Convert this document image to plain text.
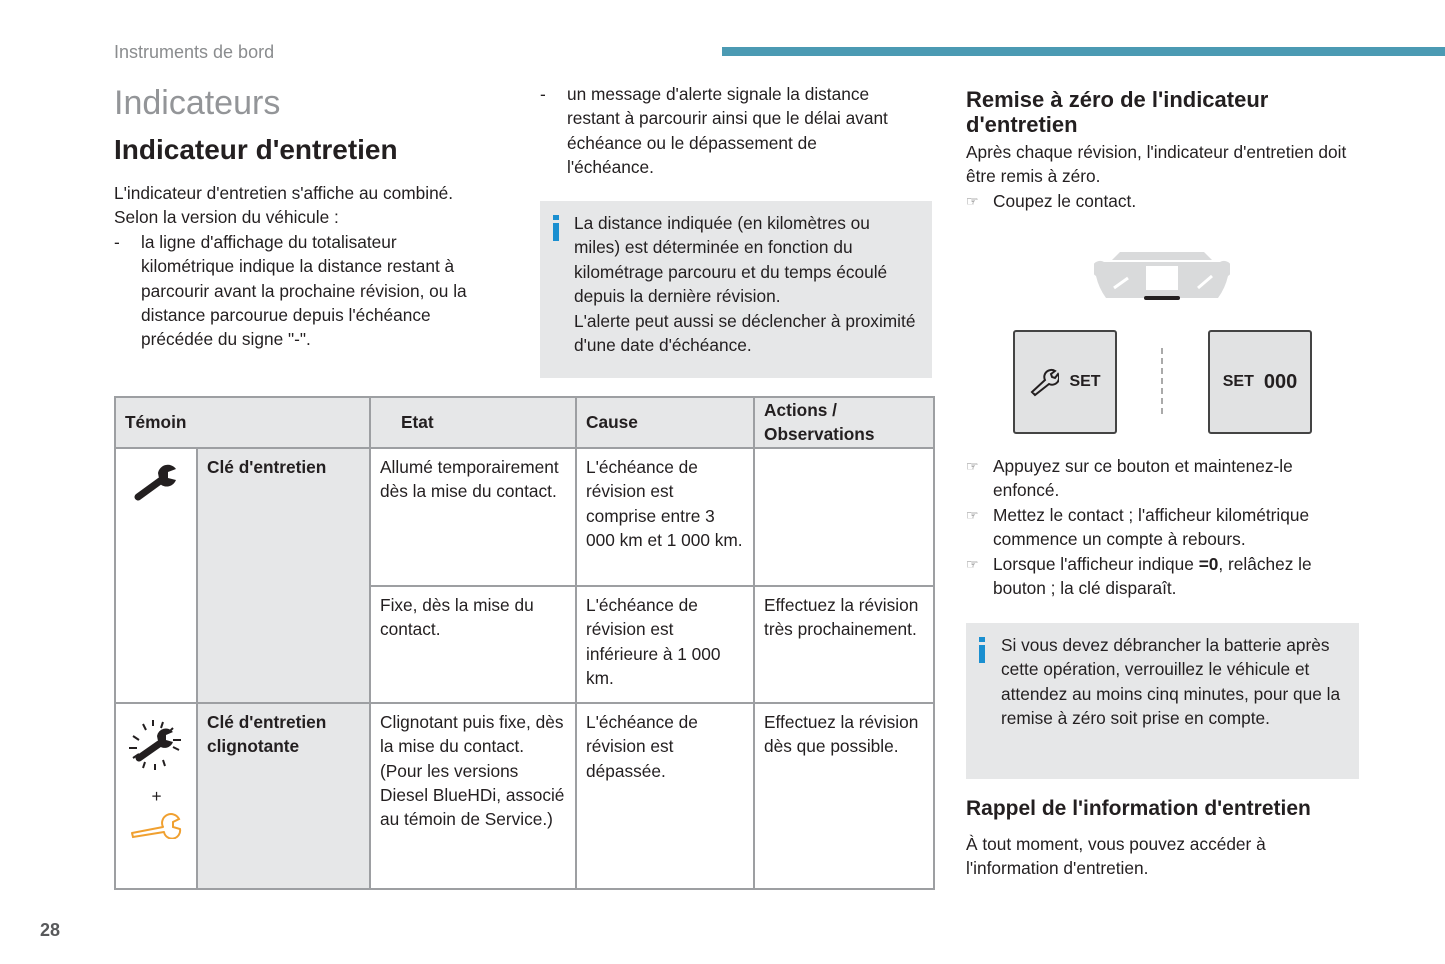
Instruments de bord
Indicateurs
Indicateur d'entretien
L'indicateur d'entretien s'affiche au combiné.
Selon la version du véhicule :
- la ligne d'affichage du totalisateur kilométrique indique la distance restant à parcourir avant la prochaine révision, ou la distance parcourue depuis l'échéance précédée du signe "-".
- un message d'alerte signale la distance restant à parcourir ainsi que le délai avant échéance ou le dépassement de l'échéance.
La distance indiquée (en kilomètres ou miles) est déterminée en fonction du kilométrage parcouru et du temps écoulé depuis la dernière révision.
L'alerte peut aussi se déclencher à proximité d'une date d'échéance.
Témoin		Etat	Cause	Actions / Observations
	Clé d'entretien	Allumé temporairement dès la mise du contact.	L'échéance de révision est comprise entre 3 000 km et 1 000 km.	
		Fixe, dès la mise du contact.	L'échéance de révision est inférieure à 1 000 km.	Effectuez la révision très prochainement.

+	Clé d'entretien clignotante	Clignotant puis fixe, dès la mise du contact. (Pour les versions Diesel BlueHDi, associé au témoin de Service.)	L'échéance de révision est dépassée.	Effectuez la révision dès que possible.
Remise à zéro de l'indicateur d'entretien
Après chaque révision, l'indicateur d'entretien doit être remis à zéro.
☞ Coupez le contact.
SET	SET 000
☞ Appuyez sur ce bouton et maintenez-le enfoncé.
☞ Mettez le contact ; l'afficheur kilométrique commence un compte à rebours.
☞ Lorsque l'afficheur indique =0, relâchez le bouton ; la clé disparaît.
Si vous devez débrancher la batterie après cette opération, verrouillez le véhicule et attendez au moins cinq minutes, pour que la remise à zéro soit prise en compte.
Rappel de l'information d'entretien
À tout moment, vous pouvez accéder à l'information d'entretien.
28
